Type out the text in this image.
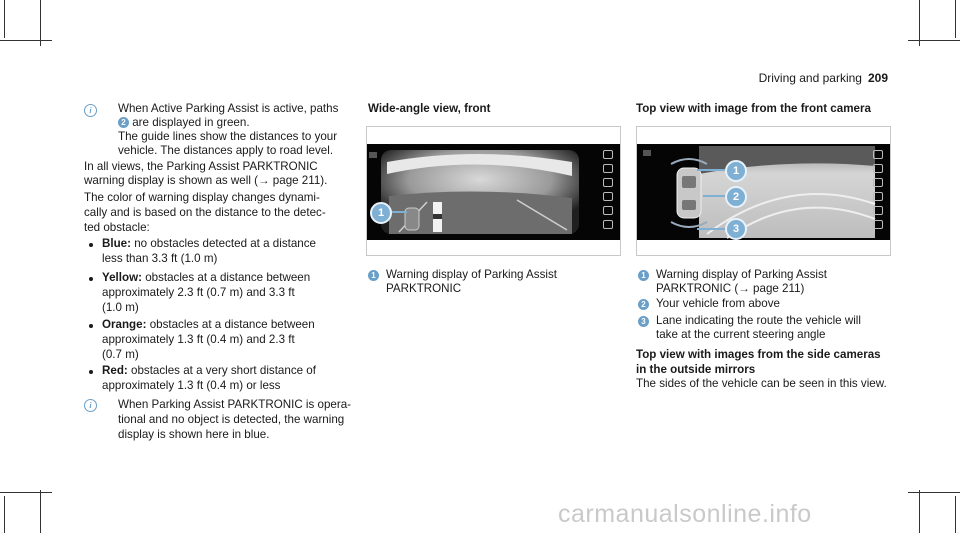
Driving and parking 209
i	When Active Parking Assist is active, paths
2 are displayed in green.
The guide lines show the distances to your
vehicle. The distances apply to road level.
In all views, the Parking Assist PARKTRONIC
warning display is shown as well (→ page 211).
The color of warning display changes dynami-
cally and is based on the distance to the detec-
ted obstacle:
Blue: no obstacles detected at a distance
less than 3.3 ft (1.0 m)
Yellow: obstacles at a distance between
approximately 2.3 ft (0.7 m) and 3.3 ft
(1.0 m)
Orange: obstacles at a distance between
approximately 1.3 ft (0.4 m) and 2.3 ft
(0.7 m)
Red: obstacles at a very short distance of
approximately 1.3 ft (0.4 m) or less
i	When Parking Assist PARKTRONIC is opera-
tional and no object is detected, the warning
display is shown here in blue.
Wide-angle view, front
1
1 Warning display of Parking Assist
PARKTRONIC
Top view with image from the front camera
1
2
3
1 Warning display of Parking Assist
PARKTRONIC (→ page 211)
2 Your vehicle from above
3 Lane indicating the route the vehicle will
take at the current steering angle
Top view with images from the side cameras
in the outside mirrors
The sides of the vehicle can be seen in this view.
carmanualsonline.info
